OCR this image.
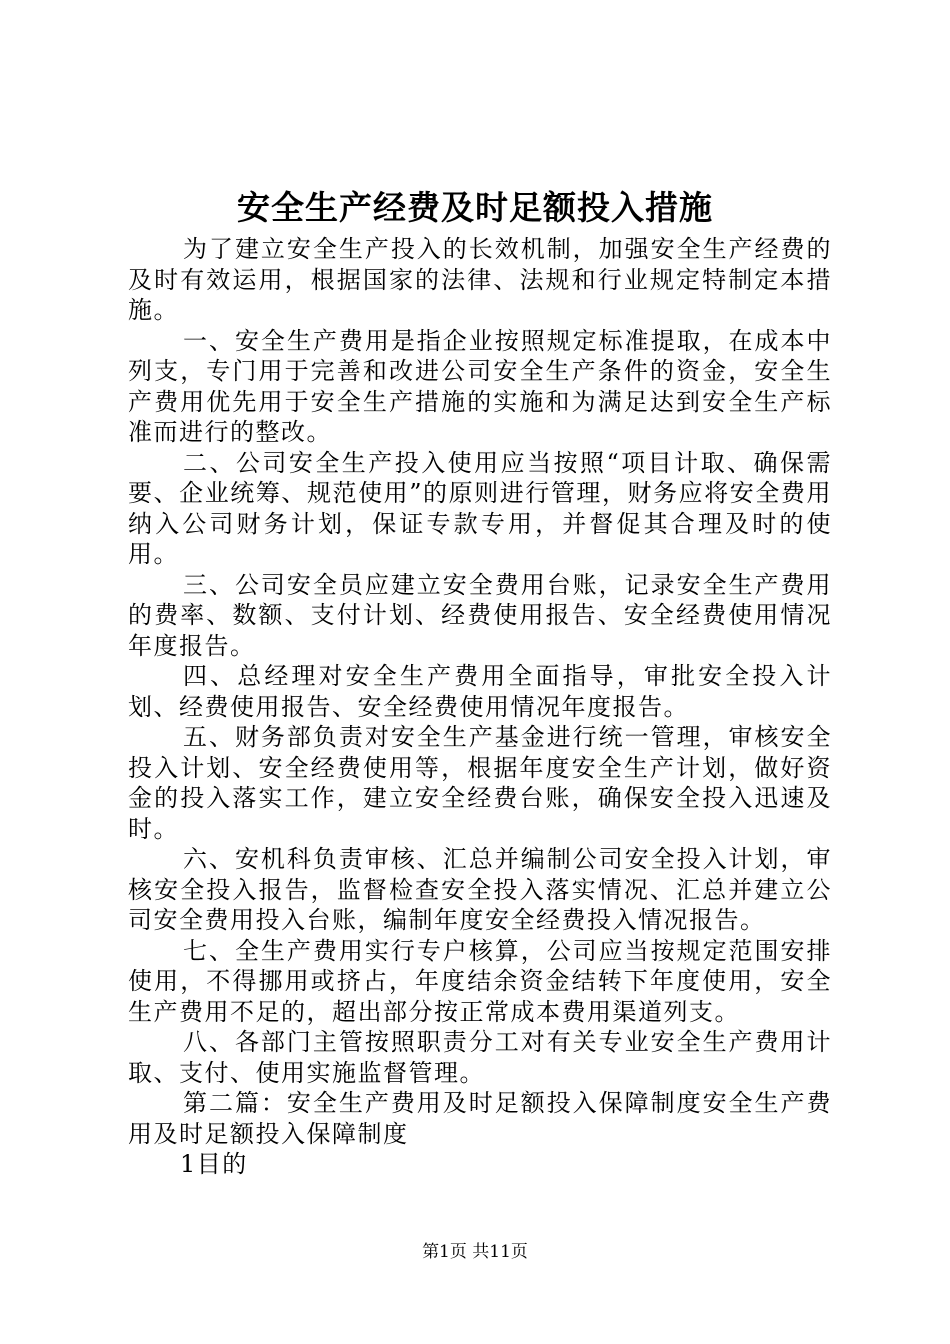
安全生产经费及时足额投入措施

为了建立安全生产投入的长效机制，加强安全生产经费的及时有效运用，根据国家的法律、法规和行业规定特制定本措施。

一、安全生产费用是指企业按照规定标准提取，在成本中列支，专门用于完善和改进公司安全生产条件的资金，安全生产费用优先用于安全生产措施的实施和为满足达到安全生产标准而进行的整改。

二、公司安全生产投入使用应当按照“项目计取、确保需要、企业统筹、规范使用”的原则进行管理，财务应将安全费用纳入公司财务计划，保证专款专用，并督促其合理及时的使用。

三、公司安全员应建立安全费用台账，记录安全生产费用的费率、数额、支付计划、经费使用报告、安全经费使用情况年度报告。

四、总经理对安全生产费用全面指导，审批安全投入计划、经费使用报告、安全经费使用情况年度报告。

五、财务部负责对安全生产基金进行统一管理，审核安全投入计划、安全经费使用等，根据年度安全生产计划，做好资金的投入落实工作，建立安全经费台账，确保安全投入迅速及时。

六、安机科负责审核、汇总并编制公司安全投入计划，审核安全投入报告，监督检查安全投入落实情况、汇总并建立公司安全费用投入台账，编制年度安全经费投入情况报告。

七、全生产费用实行专户核算，公司应当按规定范围安排使用，不得挪用或挤占，年度结余资金结转下年度使用，安全生产费用不足的，超出部分按正常成本费用渠道列支。

八、各部门主管按照职责分工对有关专业安全生产费用计取、支付、使用实施监督管理。

第二篇：安全生产费用及时足额投入保障制度安全生产费用及时足额投入保障制度

1目的

第1页 共11页
